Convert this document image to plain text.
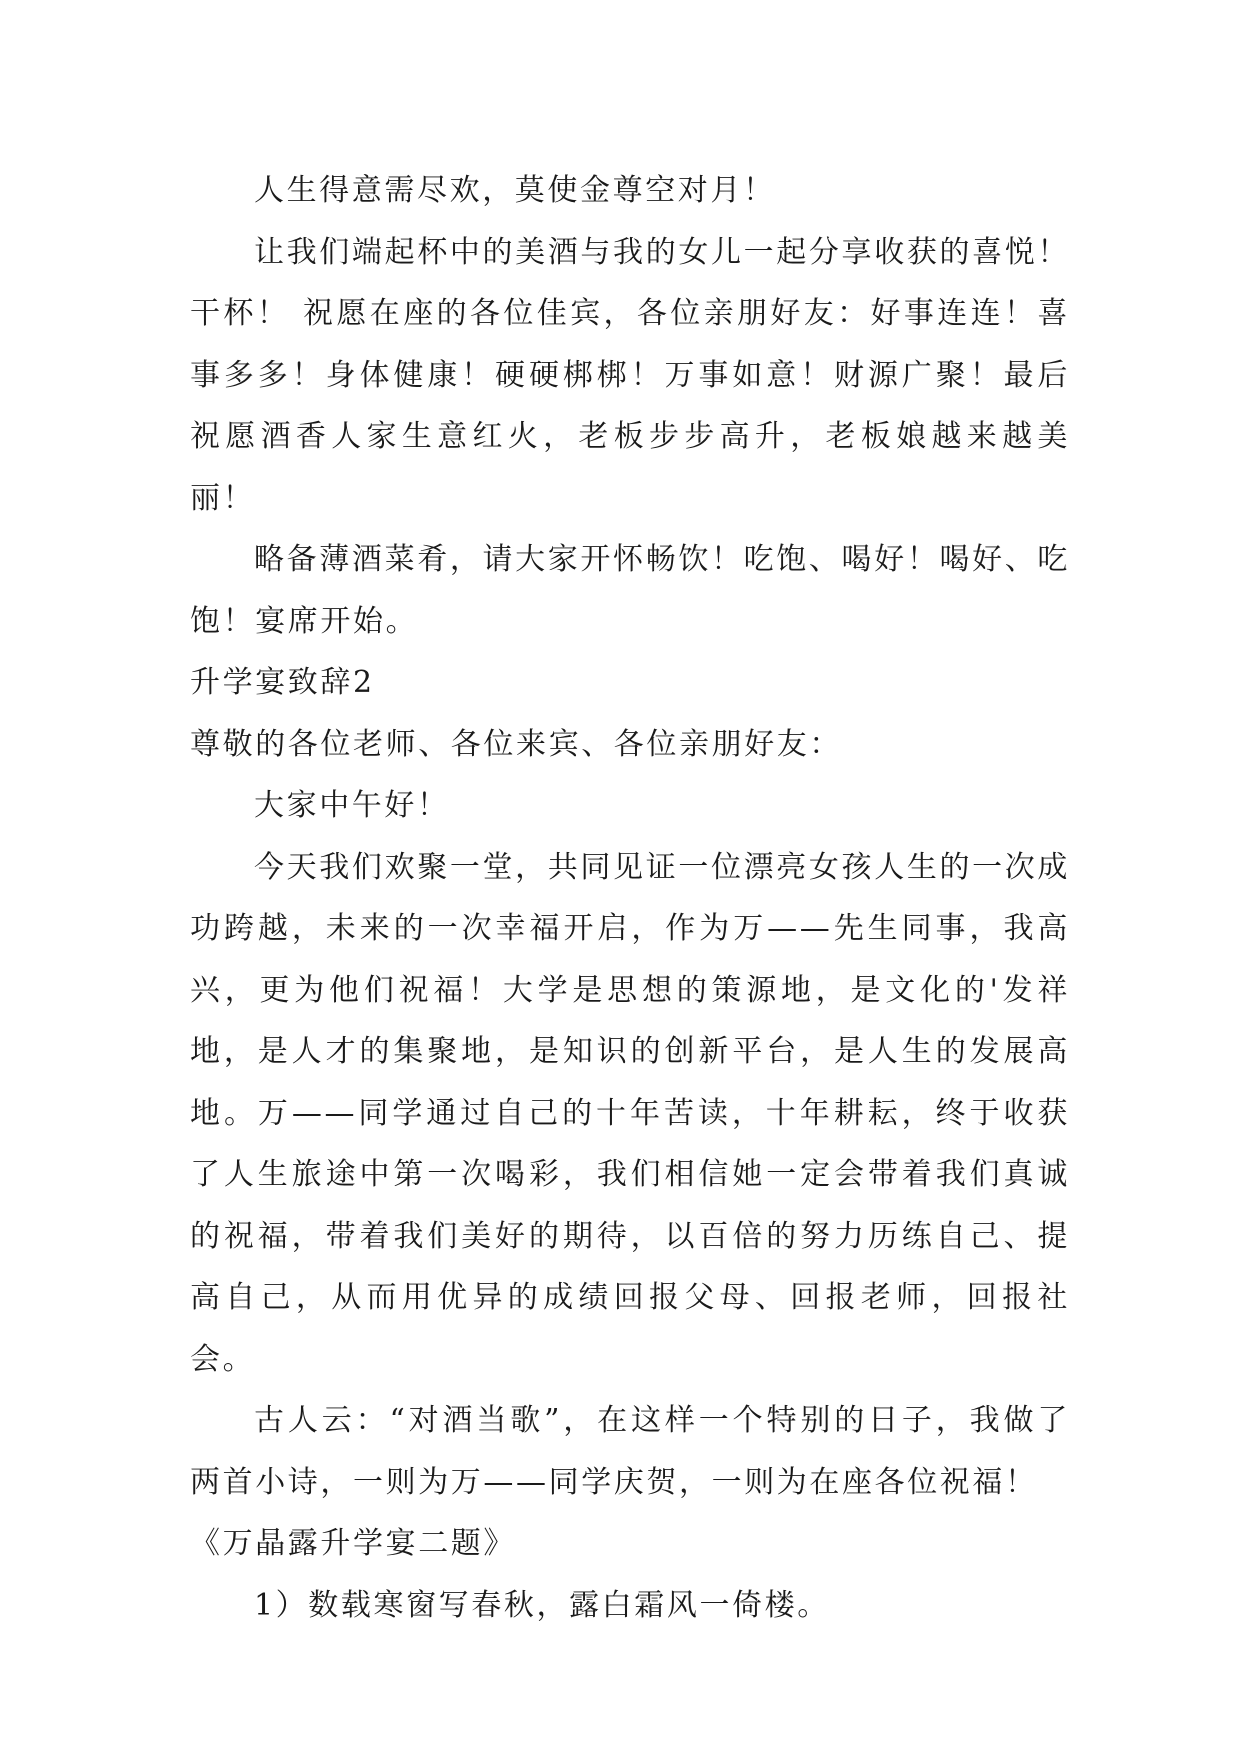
人生得意需尽欢，莫使金尊空对月！

让我们端起杯中的美酒与我的女儿一起分享收获的喜悦！干杯！ 祝愿在座的各位佳宾，各位亲朋好友：好事连连！喜事多多！身体健康！硬硬梆梆！万事如意！财源广聚！最后祝愿酒香人家生意红火，老板步步高升，老板娘越来越美丽！

略备薄酒菜肴，请大家开怀畅饮！吃饱、喝好！喝好、吃饱！宴席开始。

升学宴致辞2

尊敬的各位老师、各位来宾、各位亲朋好友：

大家中午好！

今天我们欢聚一堂，共同见证一位漂亮女孩人生的一次成功跨越，未来的一次幸福开启，作为万——先生同事，我高兴，更为他们祝福！大学是思想的策源地，是文化的'发祥地，是人才的集聚地，是知识的创新平台，是人生的发展高地。万——同学通过自己的十年苦读，十年耕耘，终于收获了人生旅途中第一次喝彩，我们相信她一定会带着我们真诚的祝福，带着我们美好的期待，以百倍的努力历练自己、提高自己，从而用优异的成绩回报父母、回报老师，回报社会。

古人云：“对酒当歌”，在这样一个特别的日子，我做了两首小诗，一则为万——同学庆贺，一则为在座各位祝福！

《万晶露升学宴二题》

1）数载寒窗写春秋，露白霜风一倚楼。
